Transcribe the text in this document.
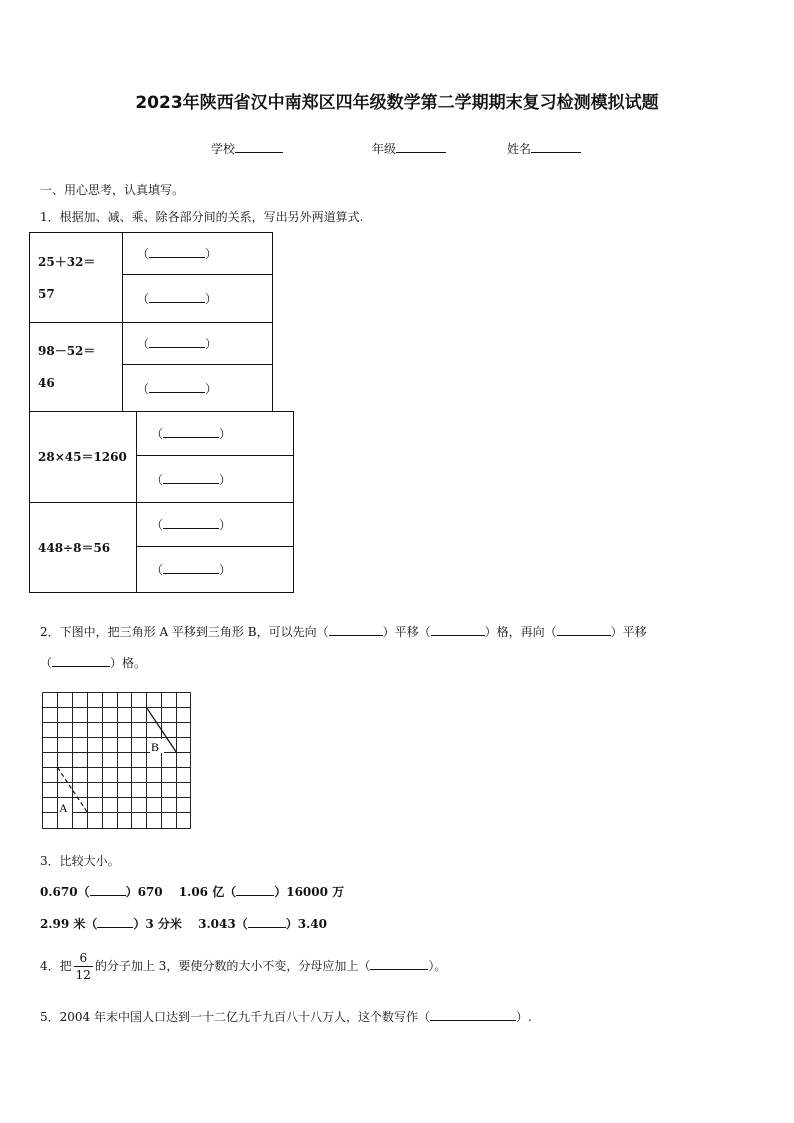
2023年陕西省汉中南郑区四年级数学第二学期期末复习检测模拟试题
学校	年级	姓名
一、用心思考，认真填写。
1．根据加、减、乘、除各部分间的关系，写出另外两道算式.
25＋32＝
57	（ ）
	（ ）
98－52＝
46	（ ）
	（ ）
28×45＝1260	（ ）
	（ ）
448÷8＝56	（ ）
	（ ）
2．下图中，把三角形 A 平移到三角形 B，可以先向（	）平移（	）格，再向（	）平移
（	）格。
B
A
3．比较大小。
0.670（	）670　 1.06 亿（	）16000 万
2.99 米（	）3 分米　 3.043（	）3.40
4．把 $\frac{6}{12}$ 的分子加上 3，要使分数的大小不变，分母应加上（	）。
5．2004 年末中国人口达到一十二亿九千九百八十八万人，这个数写作（	）.
